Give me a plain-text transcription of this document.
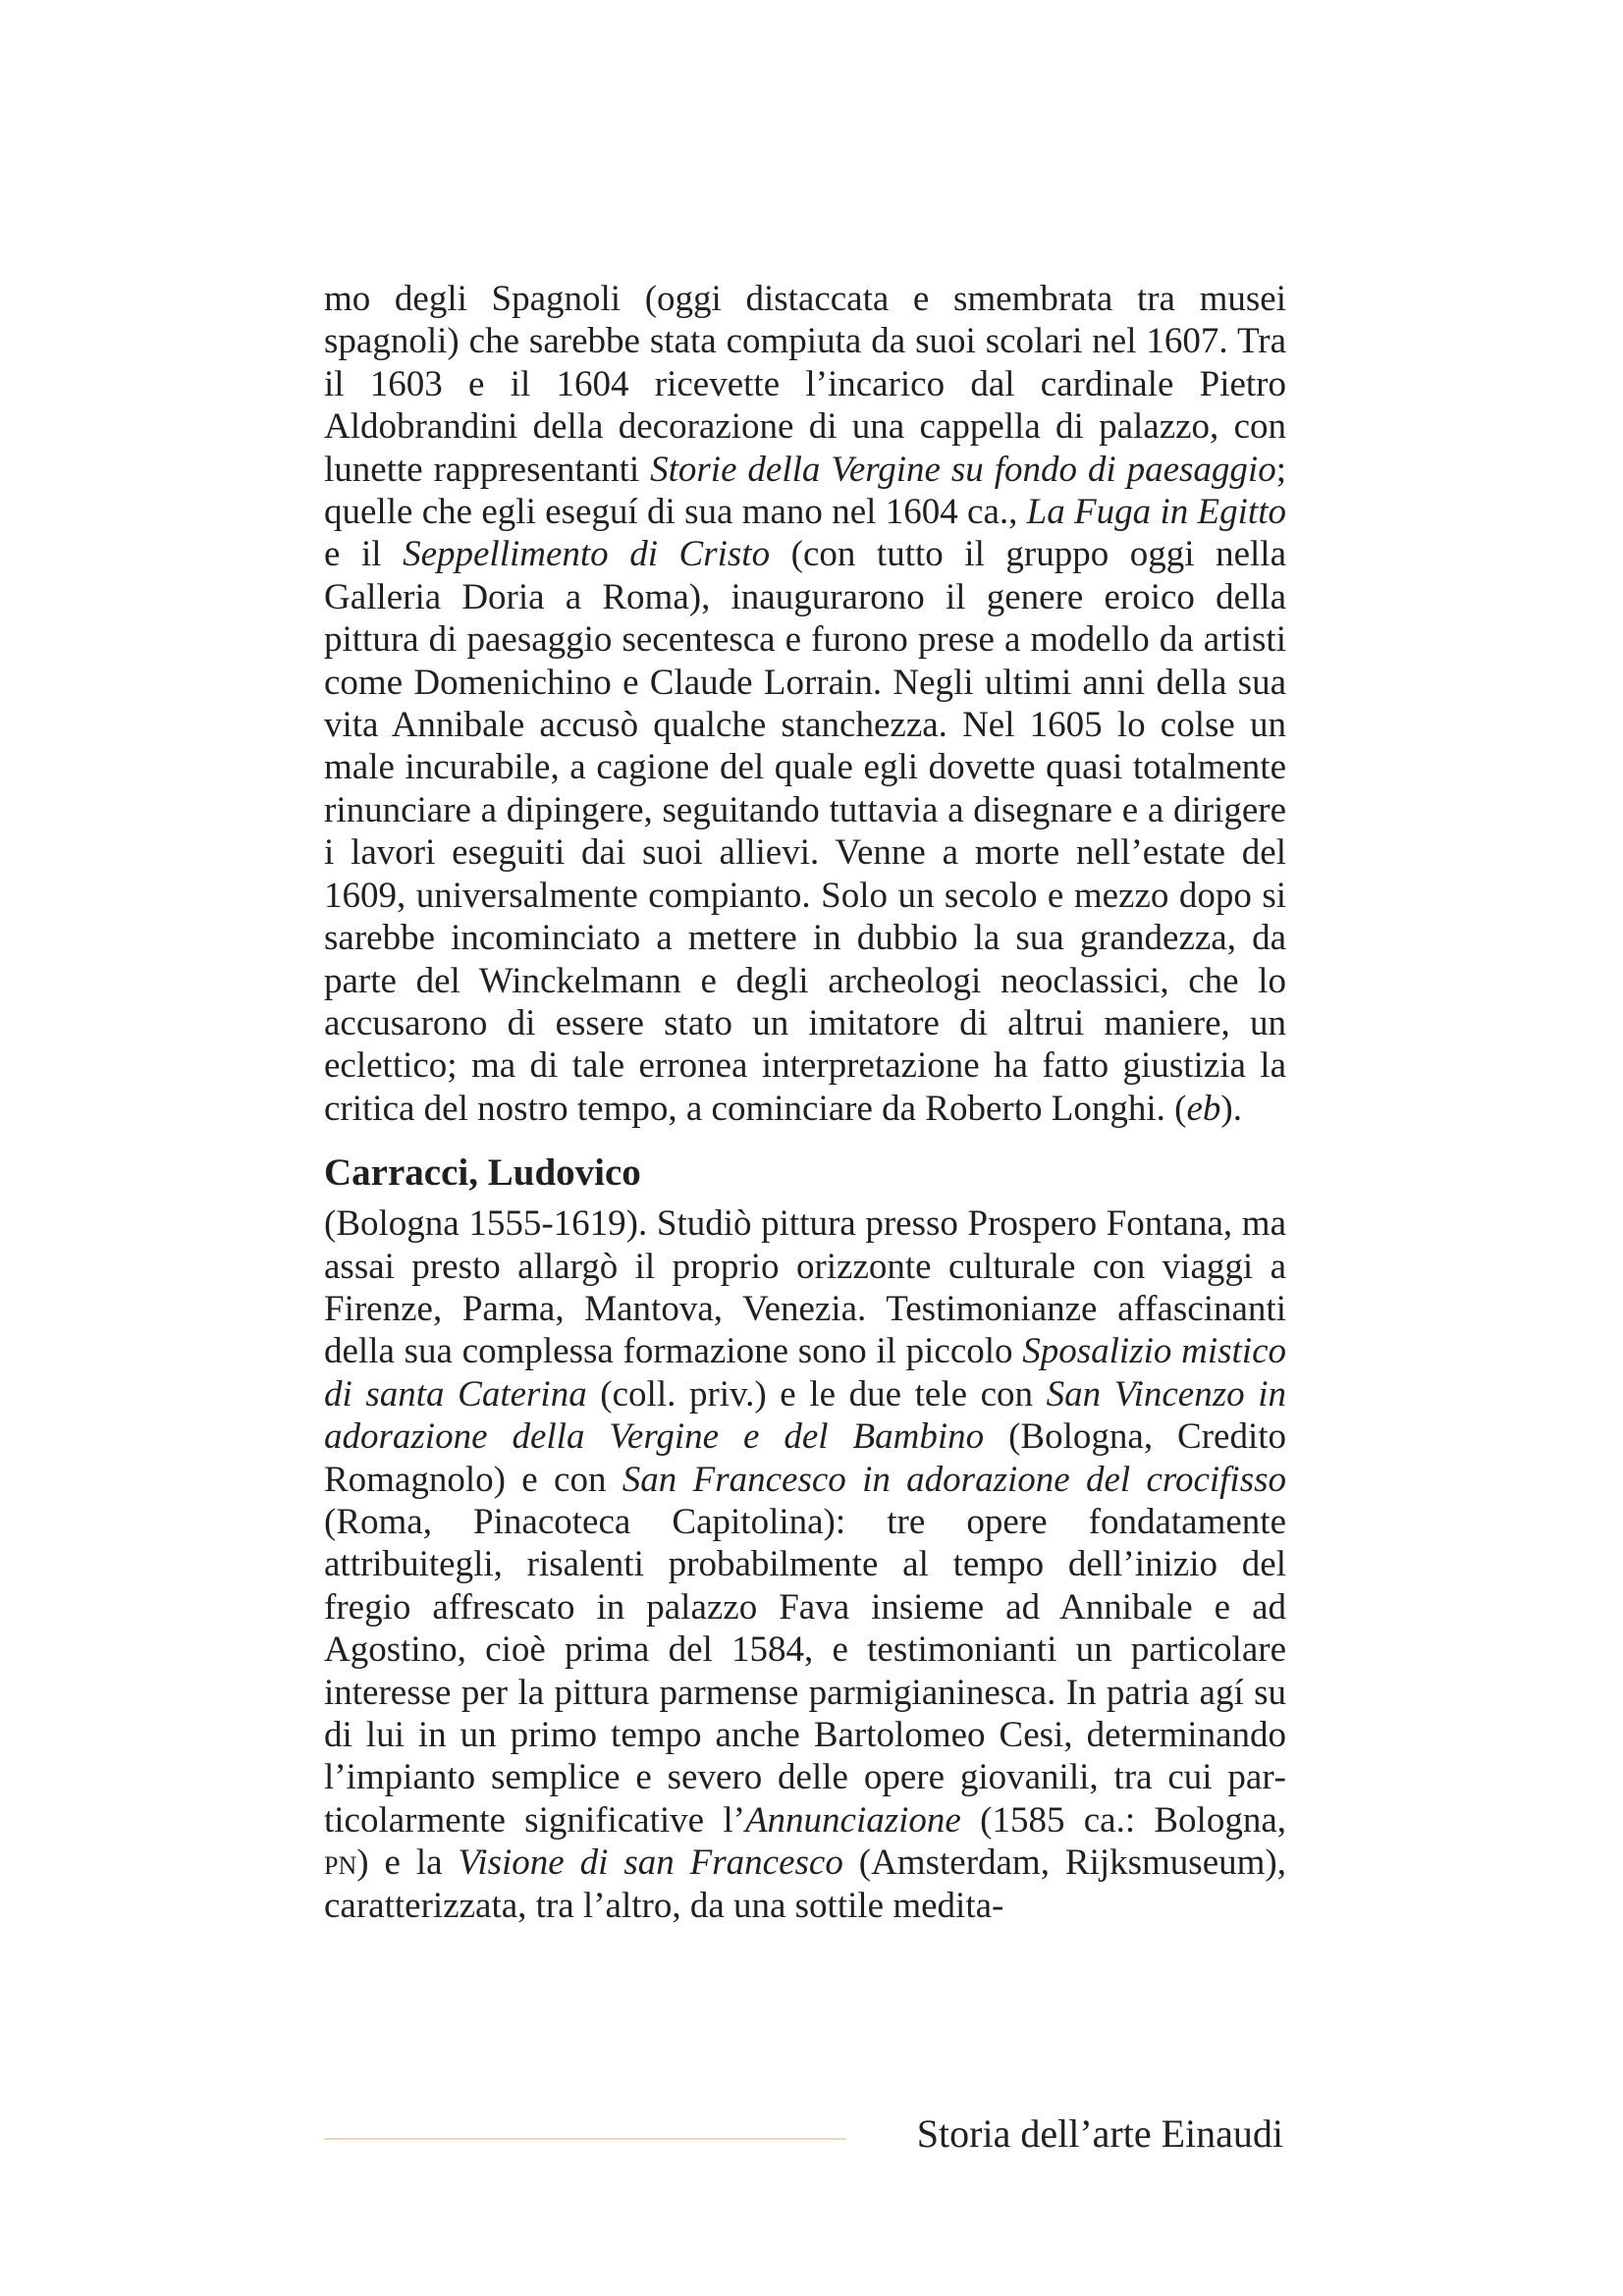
mo degli Spagnoli (oggi distaccata e smembrata tra musei spagnoli) che sarebbe stata compiuta da suoi scolari nel 1607. Tra il 1603 e il 1604 ricevette l’incarico dal cardinale Pietro Aldobrandini della decorazione di una cappella di palazzo, con lunette rappresentanti Storie della Vergine su fondo di paesaggio; quelle che egli eseguí di sua mano nel 1604 ca., La Fuga in Egitto e il Seppellimento di Cristo (con tutto il gruppo oggi nella Galleria Doria a Roma), inaugurarono il genere eroico della pittura di paesaggio secentesca e furono prese a modello da artisti come Domenichino e Claude Lorrain. Negli ultimi anni della sua vita Annibale accusò qualche stanchezza. Nel 1605 lo colse un male incurabile, a cagione del quale egli dovette quasi totalmente rinunciare a dipingere, seguitando tuttavia a disegnare e a dirigere i lavori eseguiti dai suoi allievi. Venne a morte nell’estate del 1609, universalmente compianto. Solo un secolo e mezzo dopo si sarebbe incominciato a mettere in dubbio la sua grandezza, da parte del Winckelmann e degli archeologi neoclassici, che lo accusarono di essere stato un imitatore di altrui maniere, un eclettico; ma di tale erronea interpretazione ha fatto giustizia la critica del nostro tempo, a cominciare da Roberto Longhi. (eb).

Carracci, Ludovico

(Bologna 1555-1619). Studiò pittura presso Prospero Fontana, ma assai presto allargò il proprio orizzonte culturale con viaggi a Firenze, Parma, Mantova, Venezia. Testimonianze affascinanti della sua complessa formazione sono il piccolo Sposalizio mistico di santa Caterina (coll. priv.) e le due tele con San Vincenzo in adorazione della Vergine e del Bambino (Bologna, Credito Romagnolo) e con San Francesco in adorazione del crocifisso (Roma, Pinacoteca Capitolina): tre opere fondatamente attribuitegli, risalenti probabilmente al tempo dell’inizio del fregio affrescato in palazzo Fava insieme ad Annibale e ad Agostino, cioè prima del 1584, e testimonianti un particolare interesse per la pittura parmense parmigianinesca. In patria agí su di lui in un primo tempo anche Bartolomeo Cesi, determinando l’impianto semplice e severo delle opere giovanili, tra cui particolarmente significative l’Annunciazione (1585 ca.: Bologna, pn) e la Visione di san Francesco (Amsterdam, Rijksmuseum), caratterizzata, tra l’altro, da una sottile medita-

Storia dell’arte Einaudi
